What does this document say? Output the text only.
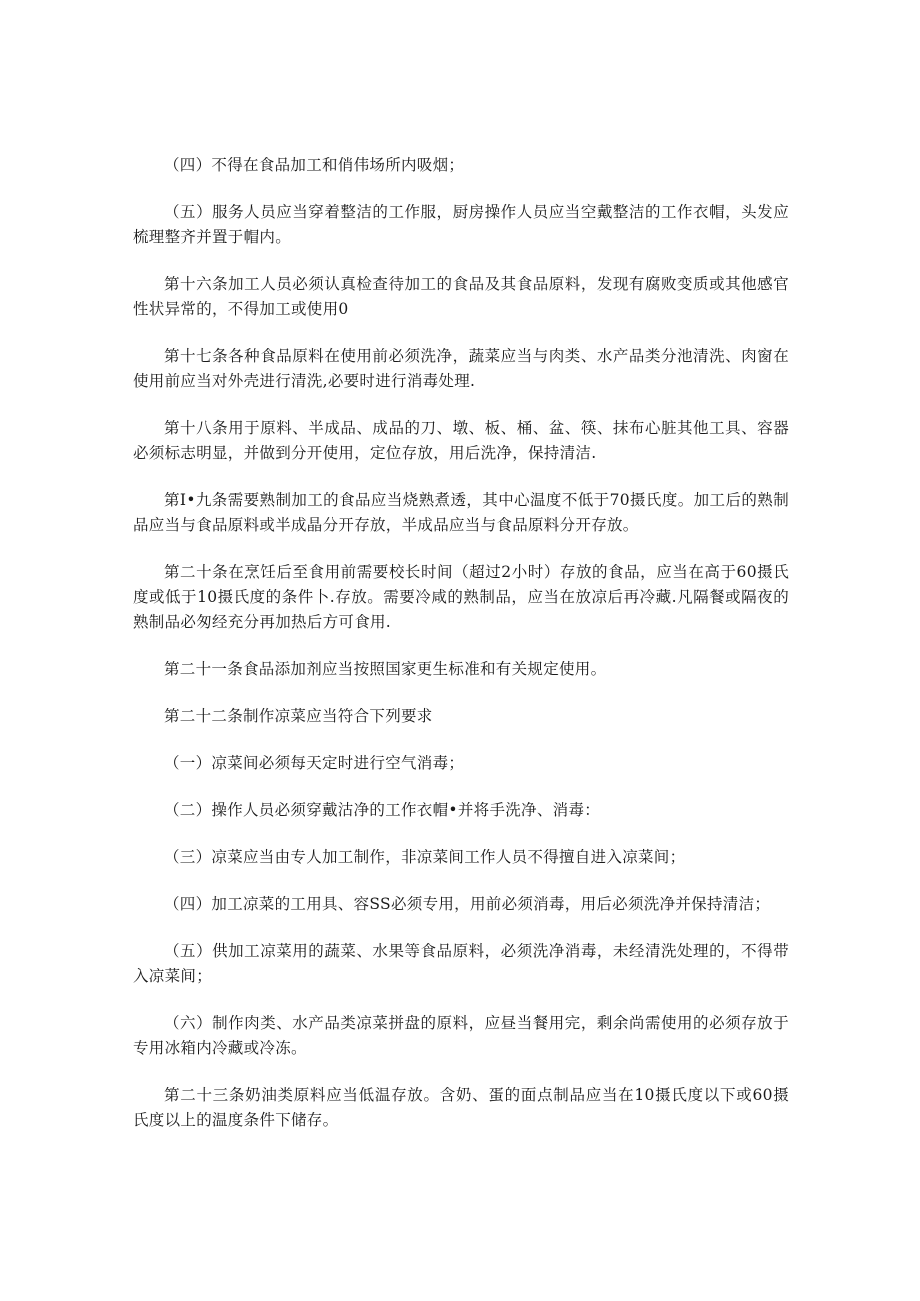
（四）不得在食品加工和俏伟场所内吸烟；

（五）服务人员应当穿着整洁的工作服，厨房操作人员应当空戴整洁的工作衣帽，头发应梳理整齐并置于帽内。

第十六条加工人员必须认真检查待加工的食品及其食品原料，发现有腐败变质或其他感官性状异常的，不得加工或使用0

第十七条各种食品原料在使用前必须洗净，蔬菜应当与肉类、水产品类分池清洗、肉窗在使用前应当对外壳进行清洗,必要时进行消毒处理.

第十八条用于原料、半成品、成品的刀、墩、板、桶、盆、筷、抹布心脏其他工具、容器必须标志明显，并做到分开使用，定位存放，用后洗净，保持清洁.

第I•九条需要熟制加工的食品应当烧熟煮透，其中心温度不低于70摄氏度。加工后的熟制品应当与食品原料或半成晶分开存放，半成品应当与食品原料分开存放。

第二十条在烹饪后至食用前需要校长时间（超过2小时）存放的食品，应当在高于60摄氏度或低于10摄氏度的条件卜.存放。需要冷咸的熟制品，应当在放凉后再冷藏.凡隔餐或隔夜的熟制品必匆经充分再加热后方可食用.

第二十一条食品添加剂应当按照国家更生标准和有关规定使用。

第二十二条制作凉菜应当符合下列要求

（一）凉菜间必须每天定时进行空气消毒；

（二）操作人员必须穿戴沽净的工作衣帽•并将手洗净、消毒：

（三）凉菜应当由专人加工制作，非凉菜间工作人员不得擅自进入凉菜间；

（四）加工凉菜的工用具、容SS必须专用，用前必须消毒，用后必须洗净并保持清洁；

（五）供加工凉菜用的蔬菜、水果等食品原料，必须洗净消毒，未经清洗处理的，不得带入凉菜间；

（六）制作肉类、水产品类凉菜拼盘的原料，应昼当餐用完，剩余尚需使用的必须存放于专用冰箱内冷藏或冷冻。

第二十三条奶油类原料应当低温存放。含奶、蛋的面点制品应当在10摄氏度以下或60摄氏度以上的温度条件下储存。
